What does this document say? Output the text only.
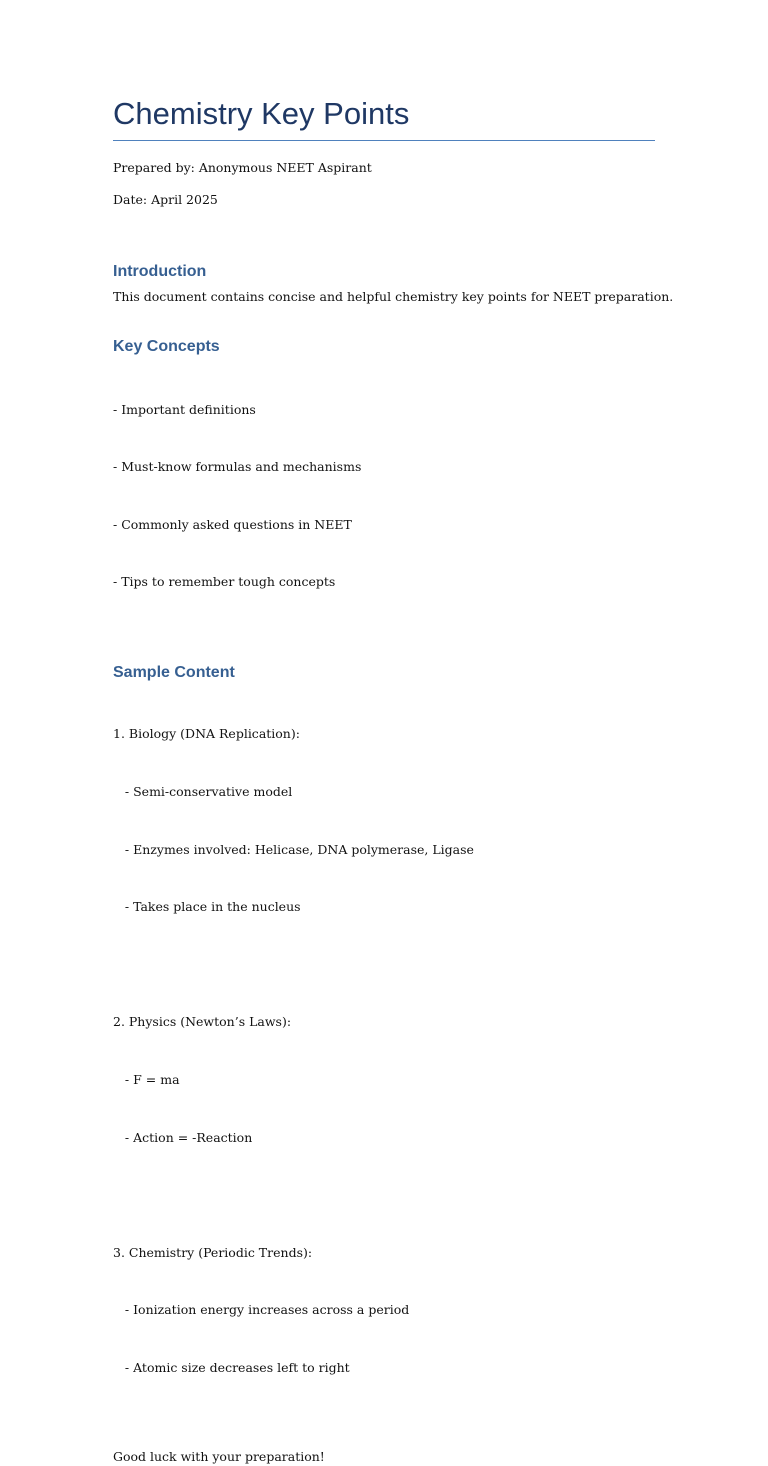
Chemistry Key Points

Prepared by: Anonymous NEET Aspirant

Date: April 2025

Introduction

This document contains concise and helpful chemistry key points for NEET preparation.

Key Concepts

- Important definitions

- Must-know formulas and mechanisms

- Commonly asked questions in NEET

- Tips to remember tough concepts

Sample Content

1. Biology (DNA Replication):

- Semi-conservative model

- Enzymes involved: Helicase, DNA polymerase, Ligase

- Takes place in the nucleus

2. Physics (Newton’s Laws):

- F = ma

- Action = -Reaction

3. Chemistry (Periodic Trends):

- Ionization energy increases across a period

- Atomic size decreases left to right

Good luck with your preparation!
